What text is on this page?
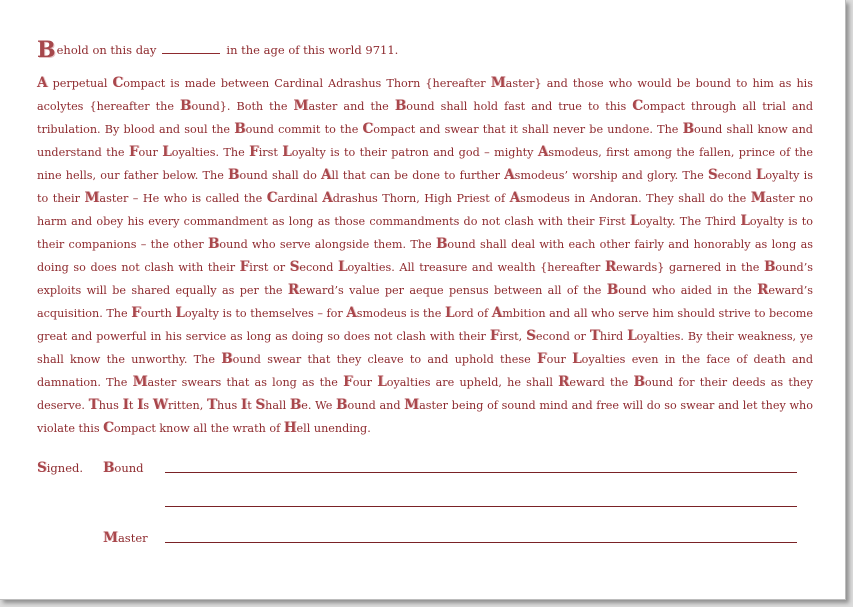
Behold on this day	in the age of this world 9711.

A perpetual Compact is made between Cardinal Adrashus Thorn {hereafter Master} and those who would be bound to him as his acolytes {hereafter the Bound}. Both the Master and the Bound shall hold fast and true to this Compact through all trial and tribulation. By blood and soul the Bound commit to the Compact and swear that it shall never be undone. The Bound shall know and understand the Four Loyalties. The First Loyalty is to their patron and god – mighty Asmodeus, first among the fallen, prince of the nine hells, our father below. The Bound shall do All that can be done to further Asmodeus’ worship and glory. The Second Loyalty is to their Master – He who is called the Cardinal Adrashus Thorn, High Priest of Asmodeus in Andoran. They shall do the Master no harm and obey his every commandment as long as those commandments do not clash with their First Loyalty. The Third Loyalty is to their companions – the other Bound who serve alongside them. The Bound shall deal with each other fairly and honorably as long as doing so does not clash with their First or Second Loyalties. All treasure and wealth {hereafter Rewards} garnered in the Bound’s exploits will be shared equally as per the Reward’s value per aeque pensus between all of the Bound who aided in the Reward’s acquisition. The Fourth Loyalty is to themselves – for Asmodeus is the Lord of Ambition and all who serve him should strive to become great and powerful in his service as long as doing so does not clash with their First, Second or Third Loyalties. By their weakness, ye shall know the unworthy. The Bound swear that they cleave to and uphold these Four Loyalties even in the face of death and damnation. The Master swears that as long as the Four Loyalties are upheld, he shall Reward the Bound for their deeds as they deserve. Thus It Is Written, Thus It Shall Be. We Bound and Master being of sound mind and free will do so swear and let they who violate this Compact know all the wrath of Hell unending.

Signed. Bound
Master
